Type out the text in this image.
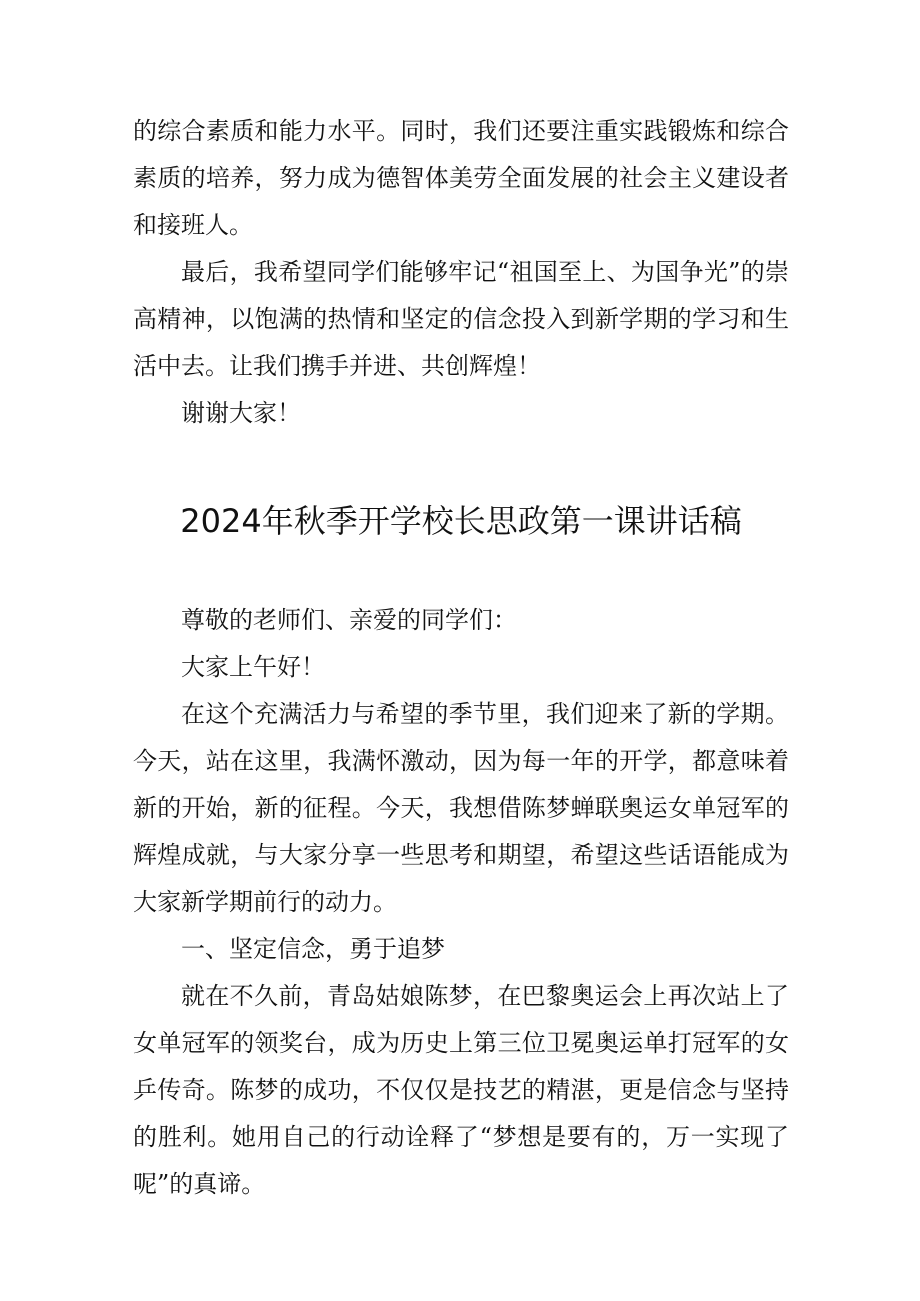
的综合素质和能力水平。同时，我们还要注重实践锻炼和综合素质的培养，努力成为德智体美劳全面发展的社会主义建设者和接班人。

最后，我希望同学们能够牢记“祖国至上、为国争光”的崇高精神，以饱满的热情和坚定的信念投入到新学期的学习和生活中去。让我们携手并进、共创辉煌！

谢谢大家！

2024年秋季开学校长思政第一课讲话稿

尊敬的老师们、亲爱的同学们：

大家上午好！

在这个充满活力与希望的季节里，我们迎来了新的学期。今天，站在这里，我满怀激动，因为每一年的开学，都意味着新的开始，新的征程。今天，我想借陈梦蝉联奥运女单冠军的辉煌成就，与大家分享一些思考和期望，希望这些话语能成为大家新学期前行的动力。

一、坚定信念，勇于追梦

就在不久前，青岛姑娘陈梦，在巴黎奥运会上再次站上了女单冠军的领奖台，成为历史上第三位卫冕奥运单打冠军的女乒传奇。陈梦的成功，不仅仅是技艺的精湛，更是信念与坚持的胜利。她用自己的行动诠释了“梦想是要有的，万一实现了呢”的真谛。
